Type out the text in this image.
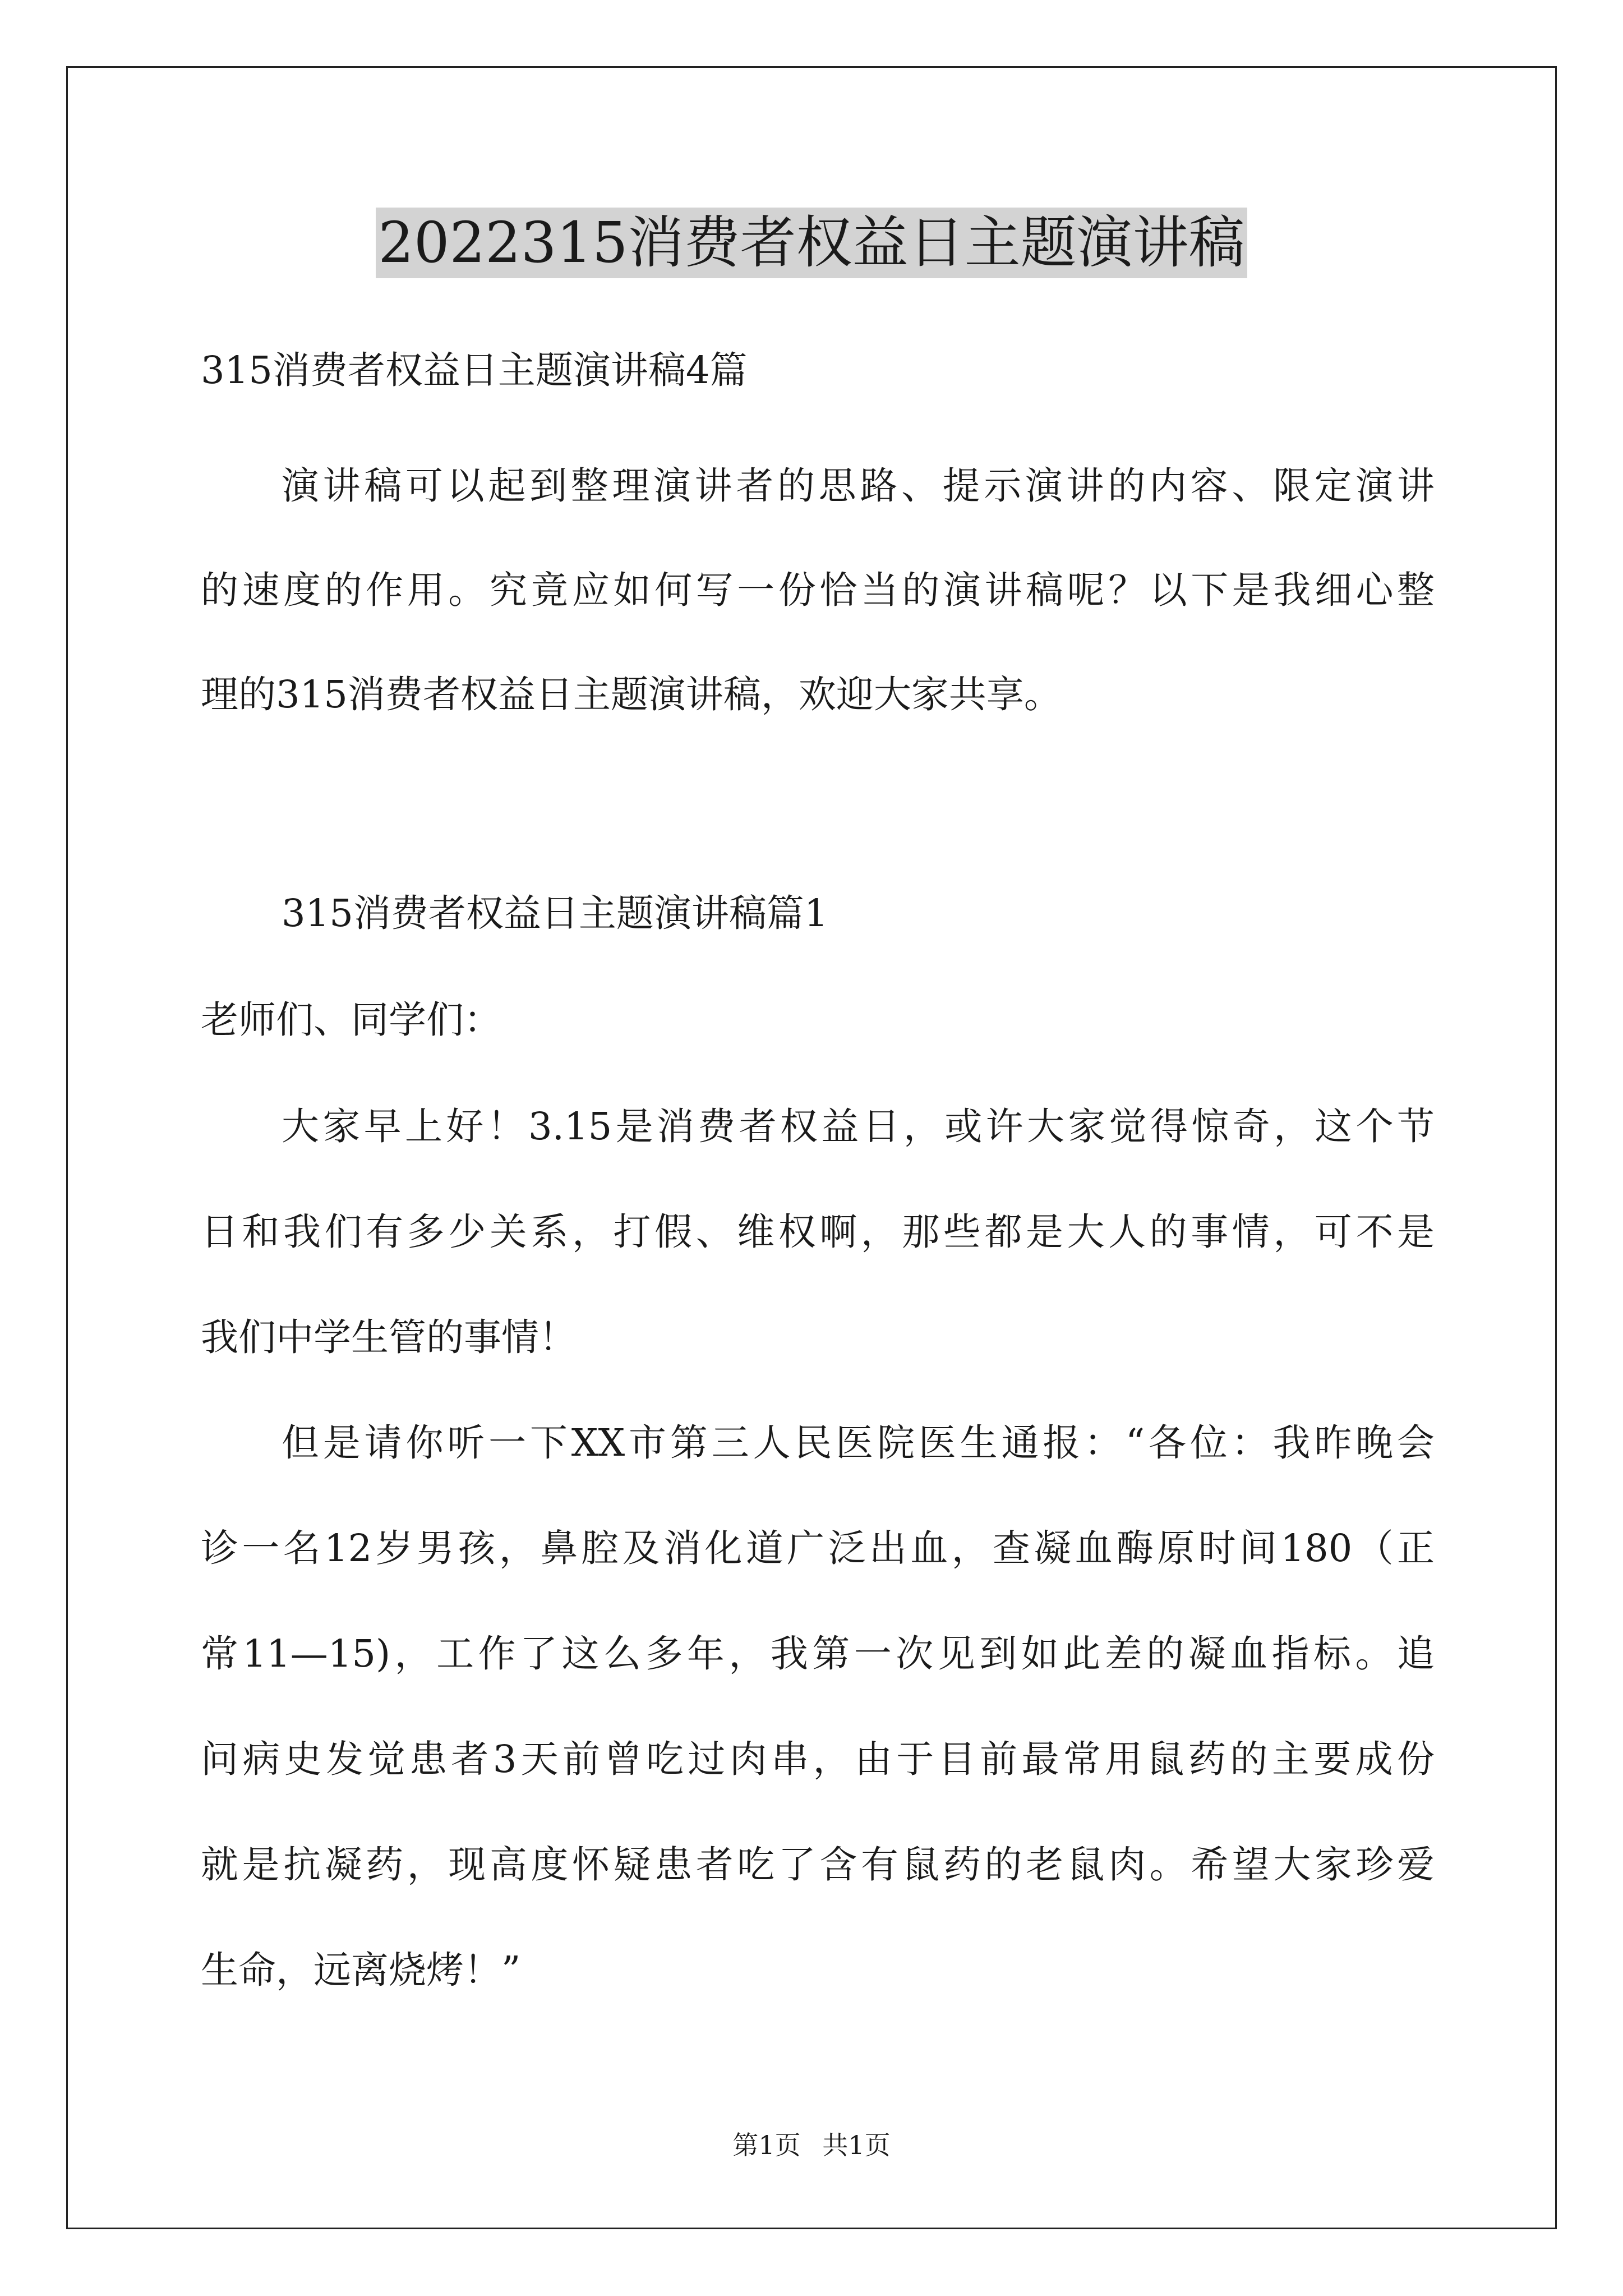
2022315消费者权益日主题演讲稿
315消费者权益日主题演讲稿4篇
演讲稿可以起到整理演讲者的思路、提示演讲的内容、限定演讲
的速度的作用。究竟应如何写一份恰当的演讲稿呢？以下是我细心整
理的315消费者权益日主题演讲稿，欢迎大家共享。
315消费者权益日主题演讲稿篇1
老师们、同学们：
大家早上好！3.15是消费者权益日，或许大家觉得惊奇，这个节
日和我们有多少关系，打假、维权啊，那些都是大人的事情，可不是
我们中学生管的事情！
但是请你听一下XX市第三人民医院医生通报：“各位：我昨晚会
诊一名12岁男孩，鼻腔及消化道广泛出血，查凝血酶原时间180（正
常11—15)，工作了这么多年，我第一次见到如此差的凝血指标。追
问病史发觉患者3天前曾吃过肉串，由于目前最常用鼠药的主要成份
就是抗凝药，现高度怀疑患者吃了含有鼠药的老鼠肉。希望大家珍爱
生命，远离烧烤！”
第1页 共1页
